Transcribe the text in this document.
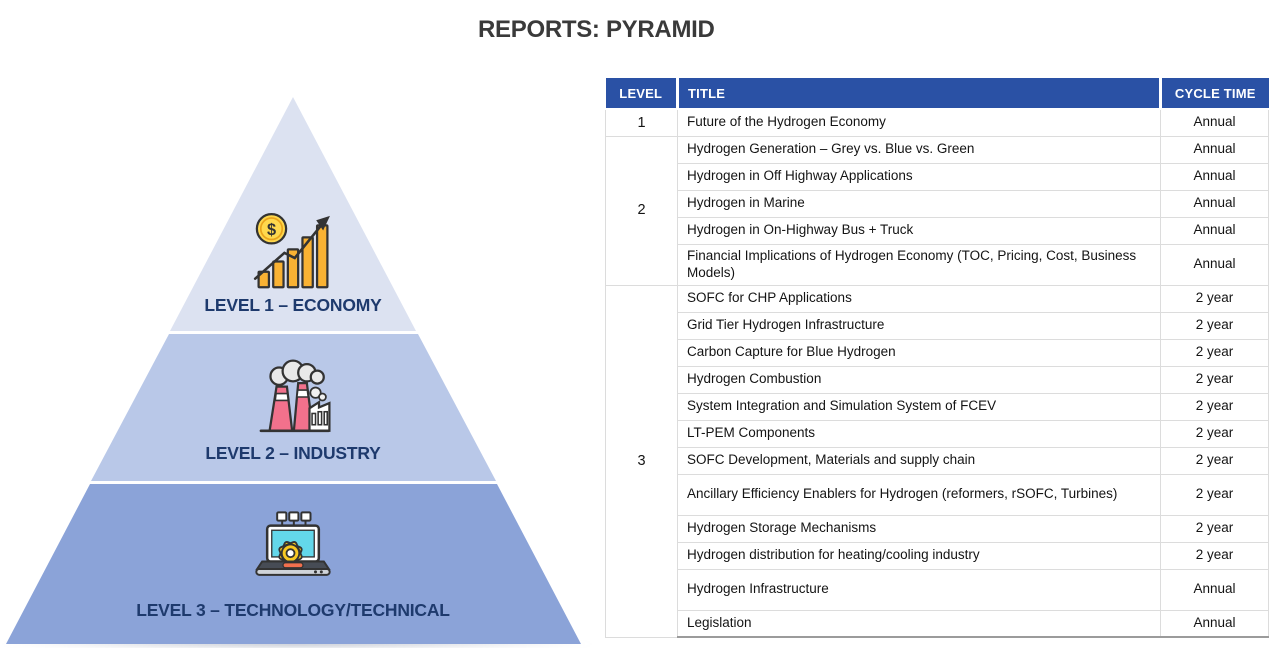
REPORTS: PYRAMID
$
LEVEL 1 – ECONOMY
LEVEL 2 – INDUSTRY
LEVEL 3 – TECHNOLOGY/TECHNICAL
LEVEL	TITLE	CYCLE TIME
1	Future of the Hydrogen Economy	Annual
2	Hydrogen Generation – Grey vs. Blue vs. Green	Annual
	Hydrogen in Off Highway Applications	Annual
	Hydrogen in Marine	Annual
	Hydrogen in On-Highway Bus + Truck	Annual
	Financial Implications of Hydrogen Economy (TOC, Pricing, Cost, Business Models)	Annual
3	SOFC for CHP Applications	2 year
	Grid Tier Hydrogen Infrastructure	2 year
	Carbon Capture for Blue Hydrogen	2 year
	Hydrogen Combustion	2 year
	System Integration and Simulation System of FCEV	2 year
	LT-PEM Components	2 year
	SOFC Development, Materials and supply chain	2 year
	Ancillary Efficiency Enablers for Hydrogen (reformers, rSOFC, Turbines)	2 year
	Hydrogen Storage Mechanisms	2 year
	Hydrogen distribution for heating/cooling industry	2 year
	Hydrogen Infrastructure	Annual
	Legislation	Annual
